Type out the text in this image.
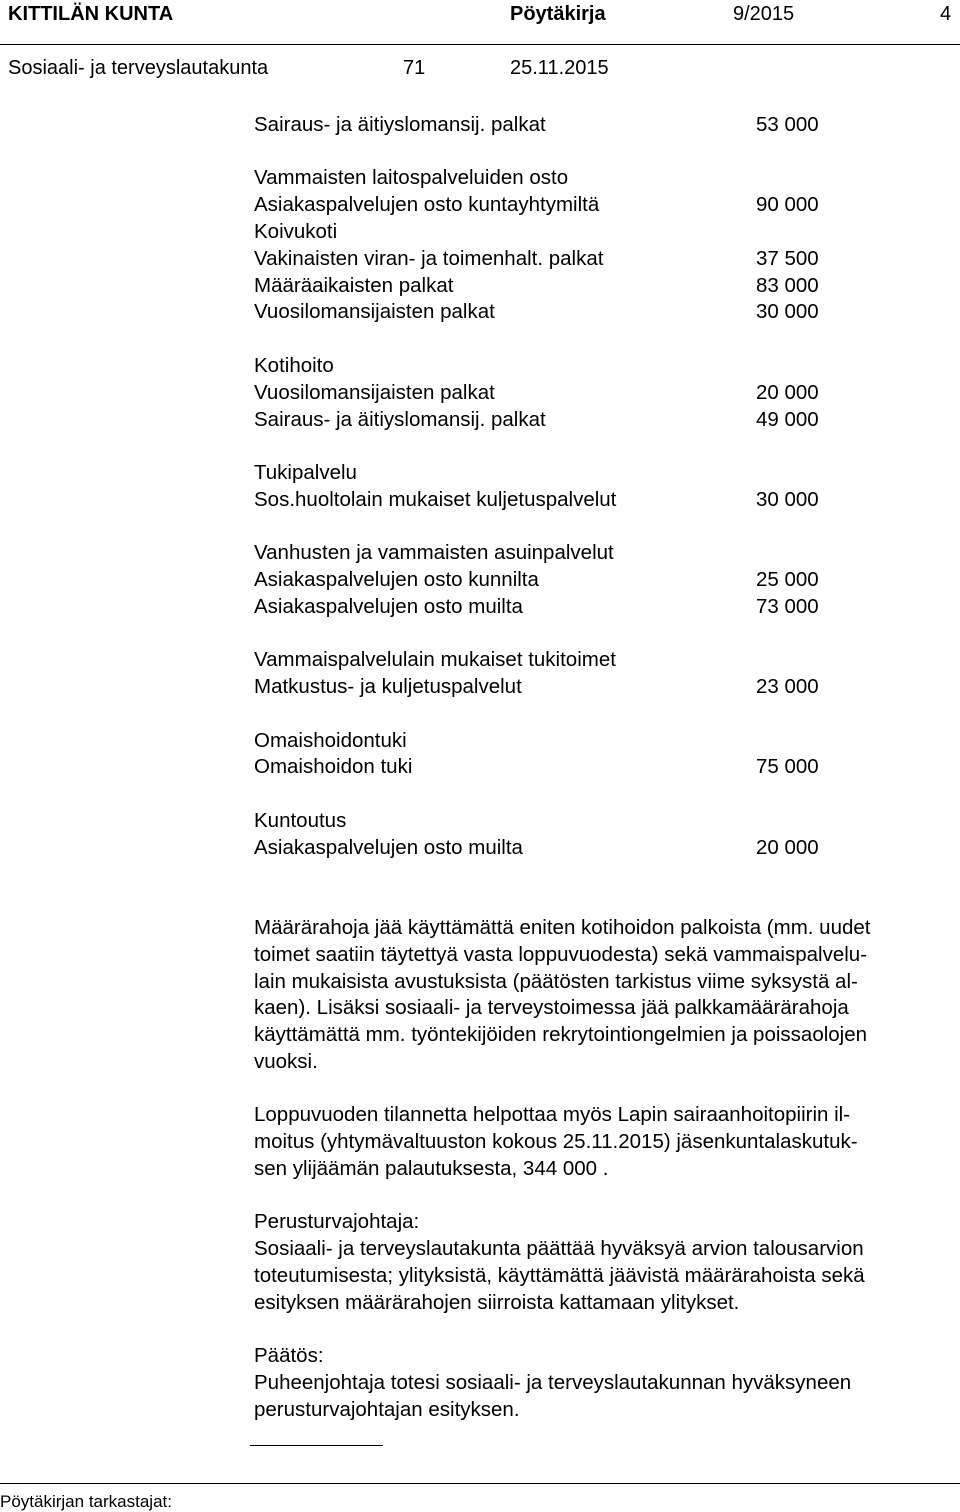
KITTILÄN KUNTA	Pöytäkirja	9/2015	4
Sosiaali- ja terveyslautakunta	71	25.11.2015
Sairaus- ja äitiyslomansij. palkat	53 000
Vammaisten laitospalveluiden osto
Asiakaspalvelujen osto kuntayhtymiltä	90 000
Koivukoti
Vakinaisten viran- ja toimenhalt. palkat	37 500
Määräaikaisten palkat	83 000
Vuosilomansijaisten palkat	30 000
Kotihoito
Vuosilomansijaisten palkat	20 000
Sairaus- ja äitiyslomansij. palkat	49 000
Tukipalvelu
Sos.huoltolain mukaiset kuljetuspalvelut	30 000
Vanhusten ja vammaisten asuinpalvelut
Asiakaspalvelujen osto kunnilta	25 000
Asiakaspalvelujen osto muilta	73 000
Vammaispalvelulain mukaiset tukitoimet
Matkustus- ja kuljetuspalvelut	23 000
Omaishoidontuki
Omaishoidon tuki	75 000
Kuntoutus
Asiakaspalvelujen osto muilta	20 000
Määrärahoja jää käyttämättä eniten kotihoidon palkoista (mm. uudet
toimet saatiin täytettyä vasta loppuvuodesta) sekä vammaispalvelu-
lain mukaisista avustuksista (päätösten tarkistus viime syksystä al-
kaen). Lisäksi sosiaali- ja terveystoimessa jää palkkamäärärahoja
käyttämättä mm. työntekijöiden rekrytointiongelmien ja poissaolojen
vuoksi.
Loppuvuoden tilannetta helpottaa myös Lapin sairaanhoitopiirin il-
moitus (yhtymävaltuuston kokous 25.11.2015) jäsenkuntalaskutuk-
sen ylijäämän palautuksesta, 344 000 .
Perusturvajohtaja:
Sosiaali- ja terveyslautakunta päättää hyväksyä arvion talousarvion
toteutumisesta; ylityksistä, käyttämättä jäävistä määrärahoista sekä
esityksen määrärahojen siirroista kattamaan ylitykset.
Päätös:
Puheenjohtaja totesi sosiaali- ja terveyslautakunnan hyväksyneen
perusturvajohtajan esityksen.
Pöytäkirjan tarkastajat:
